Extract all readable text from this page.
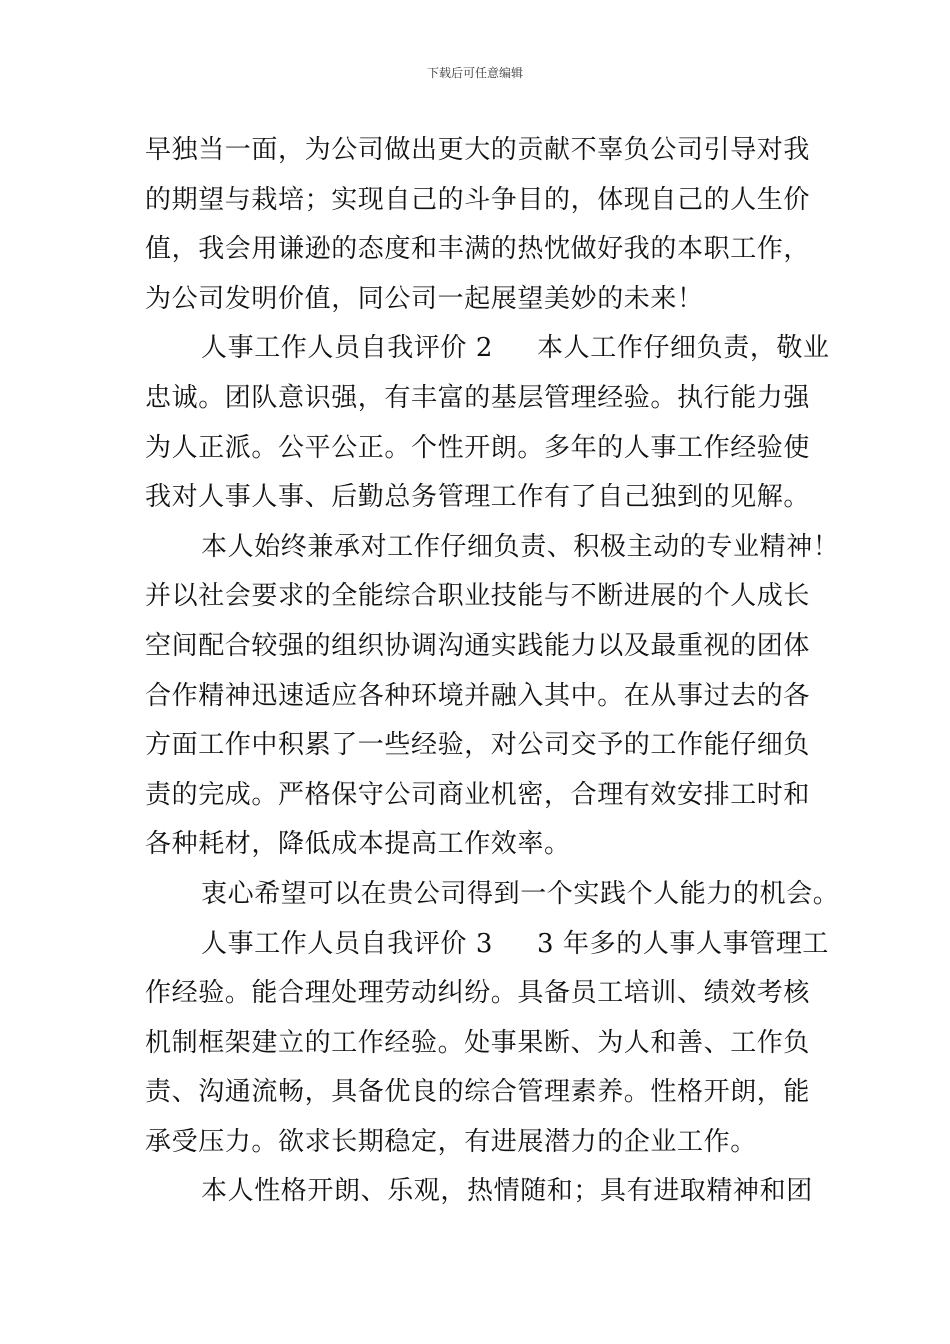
下载后可任意编辑
早独当一面，为公司做出更大的贡献不辜负公司引导对我
的期望与栽培；实现自己的斗争目的，体现自己的人生价
值，我会用谦逊的态度和丰满的热忱做好我的本职工作，
为公司发明价值，同公司一起展望美妙的未来！
人事工作人员自我评价 2 本人工作仔细负责，敬业
忠诚。团队意识强，有丰富的基层管理经验。执行能力强
为人正派。公平公正。个性开朗。多年的人事工作经验使
我对人事人事、后勤总务管理工作有了自己独到的见解。
本人始终兼承对工作仔细负责、积极主动的专业精神！
并以社会要求的全能综合职业技能与不断进展的个人成长
空间配合较强的组织协调沟通实践能力以及最重视的团体
合作精神迅速适应各种环境并融入其中。在从事过去的各
方面工作中积累了一些经验，对公司交予的工作能仔细负
责的完成。严格保守公司商业机密，合理有效安排工时和
各种耗材，降低成本提高工作效率。
衷心希望可以在贵公司得到一个实践个人能力的机会。
人事工作人员自我评价 3 3 年多的人事人事管理工
作经验。能合理处理劳动纠纷。具备员工培训、绩效考核
机制框架建立的工作经验。处事果断、为人和善、工作负
责、沟通流畅，具备优良的综合管理素养。性格开朗，能
承受压力。欲求长期稳定，有进展潜力的企业工作。
本人性格开朗、乐观，热情随和；具有进取精神和团
